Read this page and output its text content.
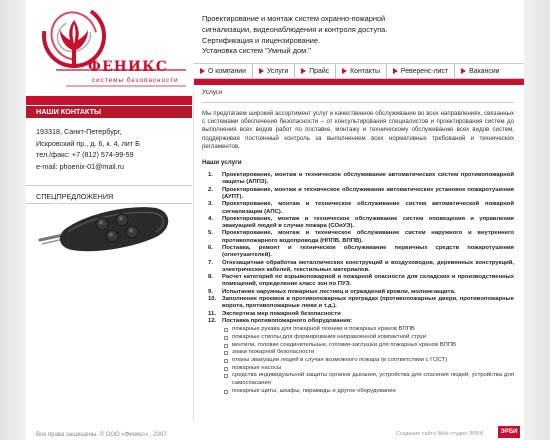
ФЕНИКС
системы безопасности
Проектирование и монтаж систем охранно-пожарной
сигнализации, видеонаблюдения и контроля доступа.
Сертификация и лицензирование.
Установка систем "Умный дом."
О компании	Услуги	Прайс	Контакты	Реверенс-лист	Вакансии
НАШИ КОНТАКТЫ
193318, Санкт-Петербург,
Искровский пр., д. 6, к. 4, лит Б
тел./факс: +7 (812) 574-99-59
e-mail: phoenix-01@mail.ru
СПЕЦПРЕДЛОЖЕНИЯ
Услуги

Мы предлагаем широкий ассортимент услуг и качественное обслуживание во всех направлениях, связанных с системами обеспечения безопасности – от консультирования специалистов и проектирования систем до выполнения всех видов работ по поставке, монтажу и техническому обслуживанию всех видов систем, поддерживая постоянный контроль за выполнением всех нормативных требований и технических регламентов.

Наши услуги
1. Проектирование, монтаж и техническое обслуживание автоматических систем противопожарной защиты (АППЗ).
2. Проектирование, монтаж и техническое обслуживание автоматических установок пожаротушения (АУПТ).
3. Проектирование, монтаж и техническое обслуживание систем автоматической пожарной сигнализации (АПС).
4. Проектирование, монтаж и техническое обслуживание систем оповещения и управления эвакуацией людей в случае пожара (СОиУЭ).
5. Проектирование, монтаж и техническое обслуживание систем наружного и внутреннего противопожарного водопровода (НППВ, ВППВ).
6. Поставка, ремонт и техническое обслуживание первичных средств пожаротушения (огнетушителей).
7. Огнезащитная обработка металлических конструкций и воздуховодов, деревянных конструкций, электрических кабелей, текстильных материалов.
8. Расчет категорий по взрывопожарной и пожарной опасности для складских и производственных помещений, определение класс зон по ПУЭ.
9. Испытание наружных пожарных лестниц и ограждений кровли, молниезащита.
10. Заполнение проемов в противопожарных преградах (противопожарные двери, противопожарные ворота, противопожарные люки и т.д.).
11. Экспертиза мер пожарной безопасности
12. Поставка противопожарного оборудования:
пожарные рукава для пожарной техники и пожарных кранов ВППВ
пожарные стволы для формирования направленной компактной струи
вентили, головки соединительные, головки-заглушки для пожарных кранов ВППВ
знаки пожарной безопасности
планы эвакуации людей в случае возможного пожара (в соответствии с ГОСТ)
пожарные насосы
средства индивидуальной защиты органов дыхания, устройства для спасения людей, устройства для самоспасания
пожарные щиты, шкафы, пирамиды и другое оборудование
Все права защищены. © ООО «Феникс» , 2007	Создание сайта Web-студия ЭРБИ	ЭРБИ
